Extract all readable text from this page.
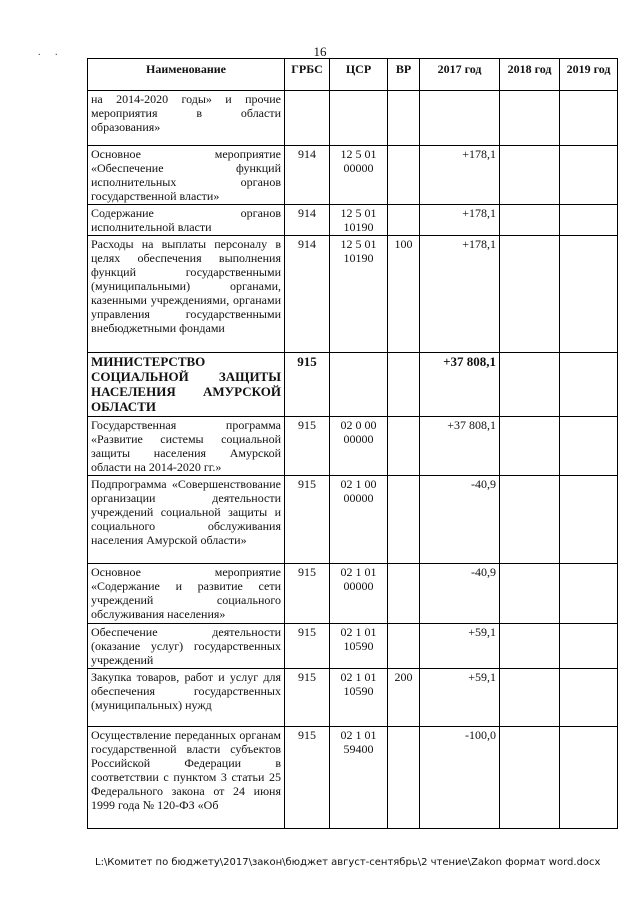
. .	16
Наименование	ГРБС	ЦСР	ВР	2017 год	2018 год	2019 год
на 2014-2020 годы» и прочие мероприятия в области образования»						
Основное мероприятие «Обеспечение функций исполнительных органов государственной власти»	914	12 5 01 00000		+178,1		
Содержание органов исполнительной власти	914	12 5 01 10190		+178,1		
Расходы на выплаты персоналу в целях обеспечения выполнения функций государственными (муниципальными) органами, казенными учреждениями, органами управления государственными внебюджетными фондами	914	12 5 01 10190	100	+178,1		
МИНИСТЕРСТВО СОЦИАЛЬНОЙ ЗАЩИТЫ НАСЕЛЕНИЯ АМУРСКОЙ ОБЛАСТИ	915			+37 808,1		
Государственная программа «Развитие системы социальной защиты населения Амурской области на 2014-2020 гг.»	915	02 0 00 00000		+37 808,1		
Подпрограмма «Совершенствование организации деятельности учреждений социальной защиты и социального обслуживания населения Амурской области»	915	02 1 00 00000		-40,9		
Основное мероприятие «Содержание и развитие сети учреждений социального обслуживания населения»	915	02 1 01 00000		-40,9		
Обеспечение деятельности (оказание услуг) государственных учреждений	915	02 1 01 10590		+59,1		
Закупка товаров, работ и услуг для обеспечения государственных (муниципальных) нужд	915	02 1 01 10590	200	+59,1		
Осуществление переданных органам государственной власти субъектов Российской Федерации в соответствии с пунктом 3 статьи 25 Федерального закона от 24 июня 1999 года № 120-ФЗ «Об	915	02 1 01 59400		-100,0		
L:\Комитет по бюджету\2017\закон\бюджет август-сентябрь\2 чтение\Zakon формат word.docx
